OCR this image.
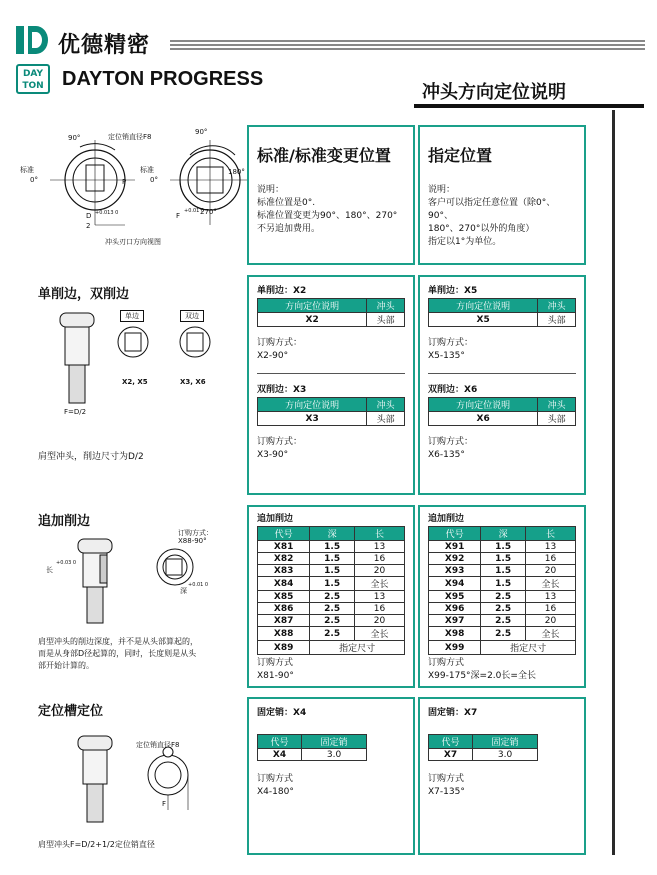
优德精密
DAY
TON DAYTON PROGRESS
冲头方向定位说明
90°
标准
0°
定位销直径F8
P
D +0.013 0
2
90°
标准
0°
180°
270°
F
+0.01 0
冲头刃口方向视图
标准/标准变更位置
说明：
标准位置是0°.
标准位置变更为90°、180°、270°
不另追加费用。
指定位置
说明：
客户可以指定任意位置（除0°、90°、
180°、270°以外的角度）
指定以1°为单位。
单削边，双削边
单边	双边
X2, X5	X3, X6
F=D/2
肩型冲头，削边尺寸为D/2
单削边：X2
方向定位说明	冲头
X2	头部
订购方式：
X2-90°
双削边：X3
方向定位说明	冲头
X3	头部
订购方式：
X3-90°
单削边：X5
方向定位说明	冲头
X5	头部
订购方式：
X5-135°
双削边：X6
方向定位说明	冲头
X6	头部
订购方式：
X6-135°
追加削边
订购方式：
X88-90°
长
+0.03 0
深
+0.01 0
肩型冲头的削边深度，并不是从头部算起的，
而是从身部D径起算的，同时，长度则是从头
部开始计算的。
追加削边
代号	深	长
X81	1.5	13
X82	1.5	16
X83	1.5	20
X84	1.5	全长
X85	2.5	13
X86	2.5	16
X87	2.5	20
X88	2.5	全长
X89	指定尺寸	
订购方式
X81-90°
追加削边
代号	深	长
X91	1.5	13
X92	1.5	16
X93	1.5	20
X94	1.5	全长
X95	2.5	13
X96	2.5	16
X97	2.5	20
X98	2.5	全长
X99	指定尺寸	
订购方式
X99-175°深=2.0长=全长
定位槽定位
定位销直径F8
F
肩型冲头F=D/2+1/2定位销直径
固定销：X4
代号	固定销
X4	3.0
订购方式
X4-180°
固定销：X7
代号	固定销
X7	3.0
订购方式
X7-135°
